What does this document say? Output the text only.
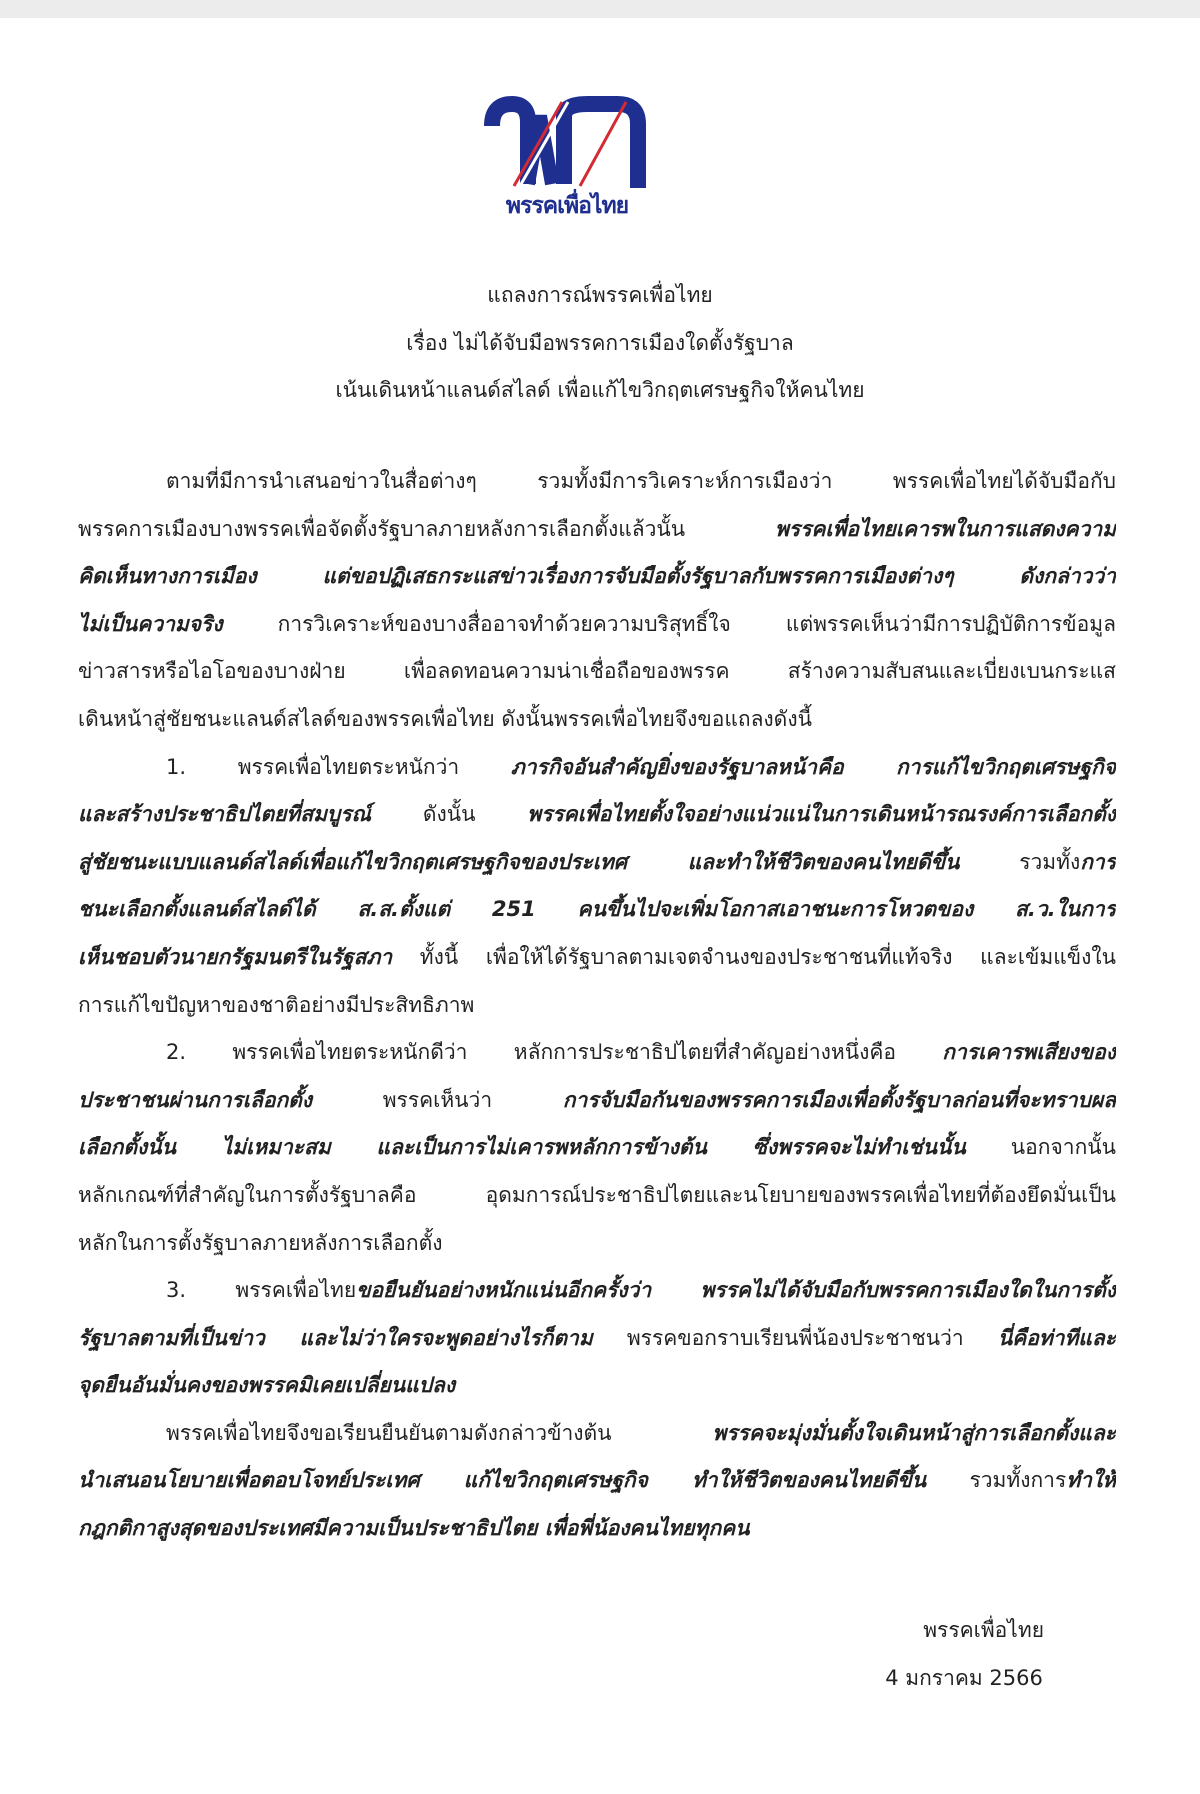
พรรคเพื่อไทย
แถลงการณ์พรรคเพื่อไทย
เรื่อง ไม่ได้จับมือพรรคการเมืองใดตั้งรัฐบาล
เน้นเดินหน้าแลนด์สไลด์ เพื่อแก้ไขวิกฤตเศรษฐกิจให้คนไทย
ตามที่มีการนำเสนอข่าวในสื่อต่างๆ รวมทั้งมีการวิเคราะห์การเมืองว่า พรรคเพื่อไทยได้จับมือกับ
พรรคการเมืองบางพรรคเพื่อจัดตั้งรัฐบาลภายหลังการเลือกตั้งแล้วนั้น พรรคเพื่อไทยเคารพในการแสดงความ
คิดเห็นทางการเมือง แต่ขอปฏิเสธกระแสข่าวเรื่องการจับมือตั้งรัฐบาลกับพรรคการเมืองต่างๆ ดังกล่าวว่า
ไม่เป็นความจริง การวิเคราะห์ของบางสื่ออาจทำด้วยความบริสุทธิ์ใจ แต่พรรคเห็นว่ามีการปฏิบัติการข้อมูล
ข่าวสารหรือไอโอของบางฝ่าย เพื่อลดทอนความน่าเชื่อถือของพรรค สร้างความสับสนและเบี่ยงเบนกระแส
เดินหน้าสู่ชัยชนะแลนด์สไลด์ของพรรคเพื่อไทย ดังนั้นพรรคเพื่อไทยจึงขอแถลงดังนี้
1. พรรคเพื่อไทยตระหนักว่า ภารกิจอันสำคัญยิ่งของรัฐบาลหน้าคือ การแก้ไขวิกฤตเศรษฐกิจ
และสร้างประชาธิปไตยที่สมบูรณ์ ดังนั้น พรรคเพื่อไทยตั้งใจอย่างแน่วแน่ในการเดินหน้ารณรงค์การเลือกตั้ง
สู่ชัยชนะแบบแลนด์สไลด์เพื่อแก้ไขวิกฤตเศรษฐกิจของประเทศ และทำให้ชีวิตของคนไทยดีขึ้น รวมทั้งการ
ชนะเลือกตั้งแลนด์สไลด์ได้ ส.ส.ตั้งแต่ 251 คนขึ้นไปจะเพิ่มโอกาสเอาชนะการโหวตของ ส.ว.ในการ
เห็นชอบตัวนายกรัฐมนตรีในรัฐสภา ทั้งนี้ เพื่อให้ได้รัฐบาลตามเจตจำนงของประชาชนที่แท้จริง และเข้มแข็งใน
การแก้ไขปัญหาของชาติอย่างมีประสิทธิภาพ
2. พรรคเพื่อไทยตระหนักดีว่า หลักการประชาธิปไตยที่สำคัญอย่างหนึ่งคือ การเคารพเสียงของ
ประชาชนผ่านการเลือกตั้ง พรรคเห็นว่า การจับมือกันของพรรคการเมืองเพื่อตั้งรัฐบาลก่อนที่จะทราบผล
เลือกตั้งนั้น ไม่เหมาะสม และเป็นการไม่เคารพหลักการข้างต้น ซึ่งพรรคจะไม่ทำเช่นนั้น นอกจากนั้น
หลักเกณฑ์ที่สำคัญในการตั้งรัฐบาลคือ อุดมการณ์ประชาธิปไตยและนโยบายของพรรคเพื่อไทยที่ต้องยึดมั่นเป็น
หลักในการตั้งรัฐบาลภายหลังการเลือกตั้ง
3. พรรคเพื่อไทยขอยืนยันอย่างหนักแน่นอีกครั้งว่า พรรคไม่ได้จับมือกับพรรคการเมืองใดในการตั้ง
รัฐบาลตามที่เป็นข่าว และไม่ว่าใครจะพูดอย่างไรก็ตาม พรรคขอกราบเรียนพี่น้องประชาชนว่า นี่คือท่าทีและ
จุดยืนอันมั่นคงของพรรคมิเคยเปลี่ยนแปลง
พรรคเพื่อไทยจึงขอเรียนยืนยันตามดังกล่าวข้างต้น พรรคจะมุ่งมั่นตั้งใจเดินหน้าสู่การเลือกตั้งและ
นำเสนอนโยบายเพื่อตอบโจทย์ประเทศ แก้ไขวิกฤตเศรษฐกิจ ทำให้ชีวิตของคนไทยดีขึ้น รวมทั้งการทำให้
กฎกติกาสูงสุดของประเทศมีความเป็นประชาธิปไตย เพื่อพี่น้องคนไทยทุกคน
พรรคเพื่อไทย
4 มกราคม 2566
